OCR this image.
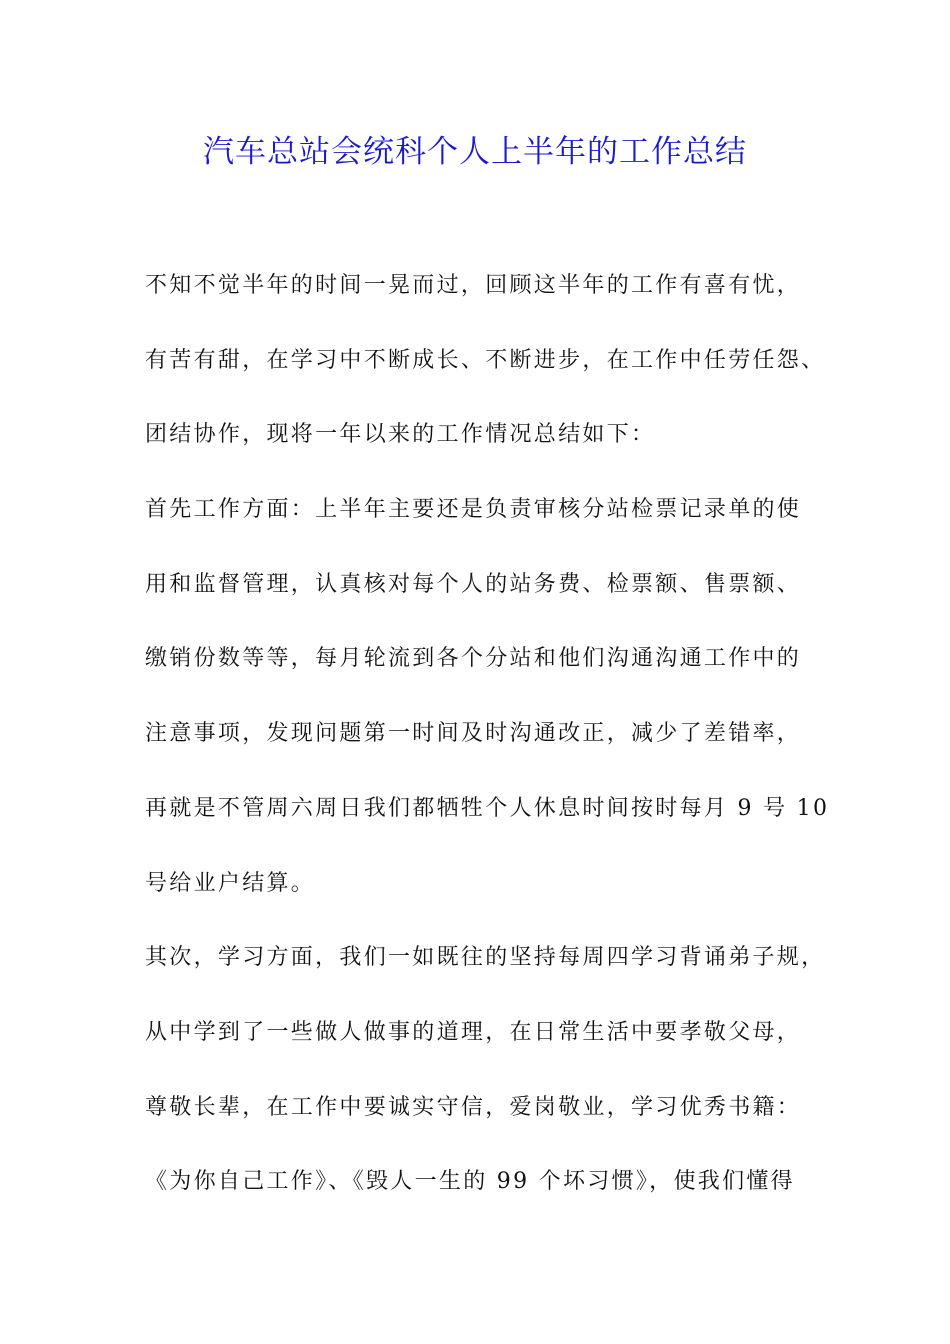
汽车总站会统科个人上半年的工作总结
不知不觉半年的时间一晃而过，回顾这半年的工作有喜有忧，
有苦有甜，在学习中不断成长、不断进步，在工作中任劳任怨、
团结协作，现将一年以来的工作情况总结如下：
首先工作方面：上半年主要还是负责审核分站检票记录单的使
用和监督管理，认真核对每个人的站务费、检票额、售票额、
缴销份数等等，每月轮流到各个分站和他们沟通沟通工作中的
注意事项，发现问题第一时间及时沟通改正，减少了差错率，
再就是不管周六周日我们都牺牲个人休息时间按时每月 9 号 10
号给业户结算。
其次，学习方面，我们一如既往的坚持每周四学习背诵弟子规，
从中学到了一些做人做事的道理，在日常生活中要孝敬父母，
尊敬长辈，在工作中要诚实守信，爱岗敬业，学习优秀书籍：
《为你自己工作》、《毁人一生的 99 个坏习惯》，使我们懂得
